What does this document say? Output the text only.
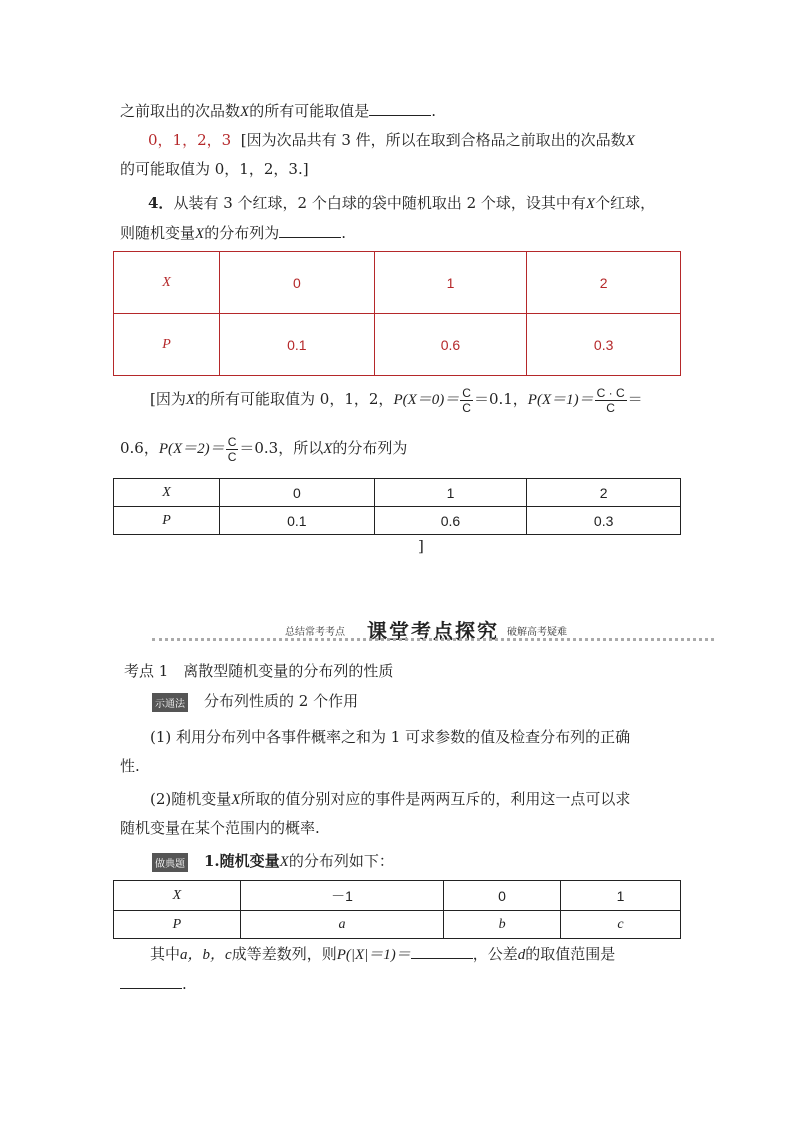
之前取出的次品数X的所有可能取值是	.
0，1，2，3 [因为次品共有 3 件，所以在取到合格品之前取出的次品数X
的可能取值为 0，1，2，3.]
4．从装有 3 个红球，2 个白球的袋中随机取出 2 个球，设其中有X个红球，
则随机变量X的分布列为	.
X	0	1	2
P	0.1	0.6	0.3
[因为X的所有可能取值为 0，1，2，$P(X=0)= \frac{C}{C} =0.1$，$P(X=1)= \frac{C \cdot C}{C}$ ＝
0.6，$P(X=2)= \frac{C}{C} =0.3$，所以X的分布列为
X	0	1	2
P	0.1	0.6	0.3
]
总结常考考点 课堂考点探究 破解高考疑难
考点 1　离散型随机变量的分布列的性质
示通法 分布列性质的 2 个作用
(1) 利用分布列中各事件概率之和为 1 可求参数的值及检查分布列的正确
性.
(2)随机变量X所取的值分别对应的事件是两两互斥的，利用这一点可以求
随机变量在某个范围内的概率.
做典题 1.随机变量X的分布列如下：
X	－1	0	1
P	a	b	c
其中a，b，c成等差数列，则P(|X|＝1)＝	，公差d的取值范围是
.
